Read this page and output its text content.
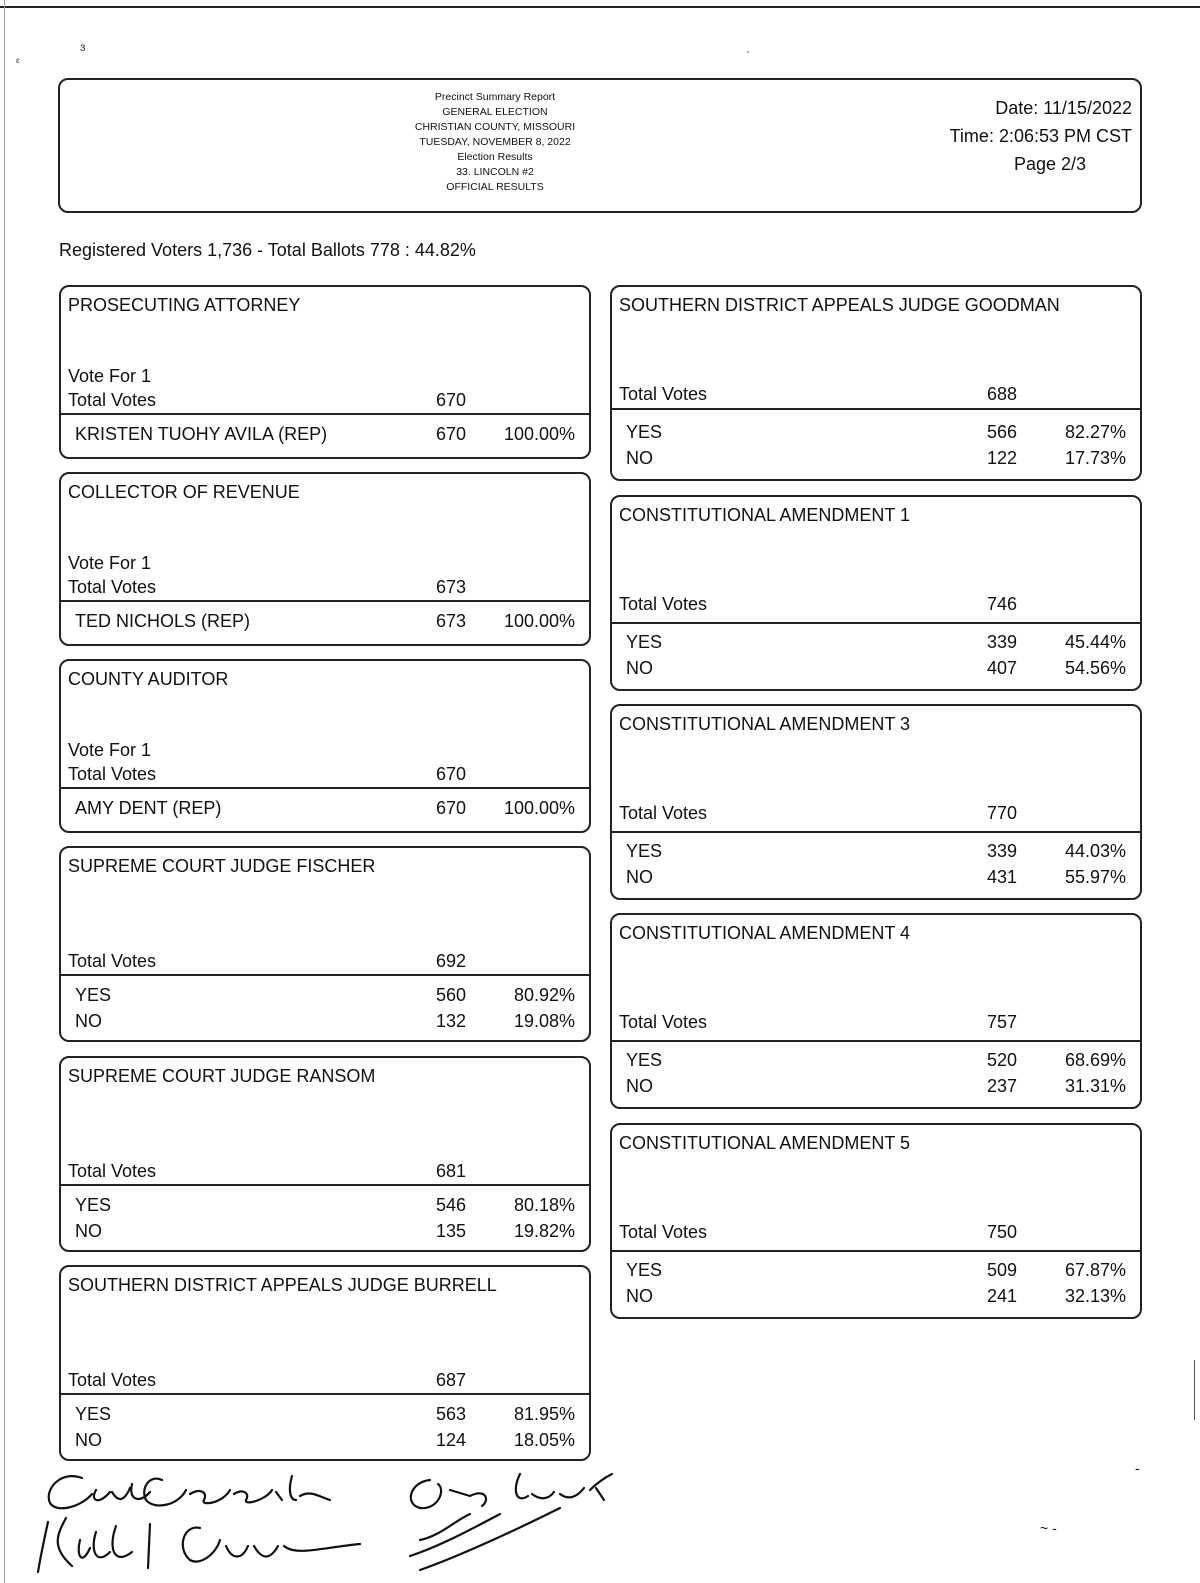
ɜ	·
ᵋ
Precinct Summary Report
GENERAL ELECTION
CHRISTIAN COUNTY, MISSOURI
TUESDAY, NOVEMBER 8, 2022
Election Results
33. LINCOLN #2
OFFICIAL RESULTS
Date: 11/15/2022
Time: 2:06:53 PM CST
Page 2/3
Registered Voters 1,736 - Total Ballots 778 : 44.82%
PROSECUTING ATTORNEY
Vote For 1
Total Votes	670
KRISTEN TUOHY AVILA (REP)	670	100.00%
COLLECTOR OF REVENUE
Vote For 1
Total Votes	673
TED NICHOLS (REP)	673	100.00%
COUNTY AUDITOR
Vote For 1
Total Votes	670
AMY DENT (REP)	670	100.00%
SUPREME COURT JUDGE FISCHER
Total Votes	692
YES	560	80.92%
NO	132	19.08%
SUPREME COURT JUDGE RANSOM
Total Votes	681
YES	546	80.18%
NO	135	19.82%
SOUTHERN DISTRICT APPEALS JUDGE BURRELL
Total Votes	687
YES	563	81.95%
NO	124	18.05%
SOUTHERN DISTRICT APPEALS JUDGE GOODMAN
Total Votes	688
YES	566	82.27%
NO	122	17.73%
CONSTITUTIONAL AMENDMENT 1
Total Votes	746
YES	339	45.44%
NO	407	54.56%
CONSTITUTIONAL AMENDMENT 3
Total Votes	770
YES	339	44.03%
NO	431	55.97%
CONSTITUTIONAL AMENDMENT 4
Total Votes	757
YES	520	68.69%
NO	237	31.31%
CONSTITUTIONAL AMENDMENT 5
Total Votes	750
YES	509	67.87%
NO	241	32.13%
~ -
-
